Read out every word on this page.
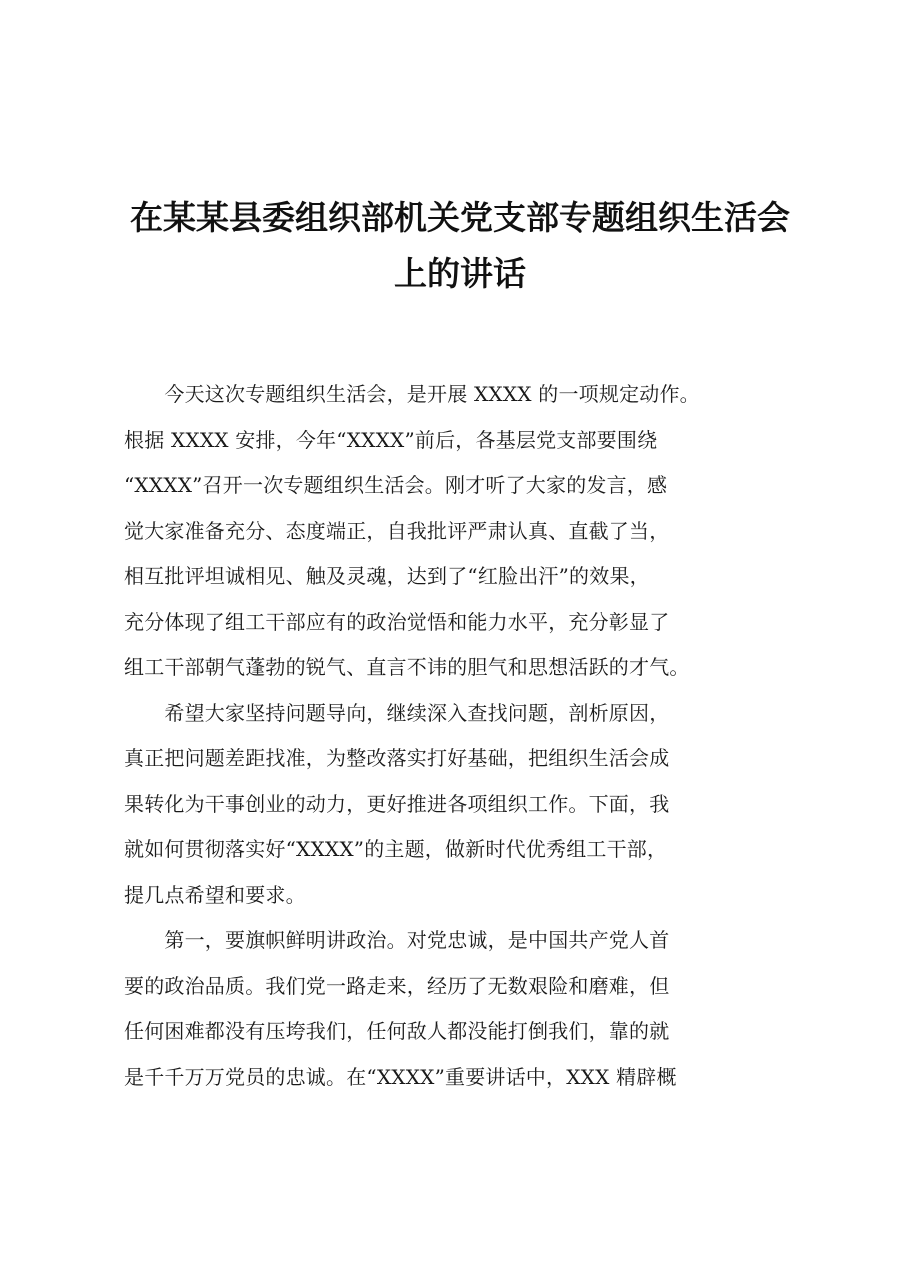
在某某县委组织部机关党支部专题组织生活会
上的讲话

　　今天这次专题组织生活会，是开展 XXXX 的一项规定动作。
根据 XXXX 安排，今年“XXXX”前后，各基层党支部要围绕
“XXXX”召开一次专题组织生活会。刚才听了大家的发言，感
觉大家准备充分、态度端正，自我批评严肃认真、直截了当，
相互批评坦诚相见、触及灵魂，达到了“红脸出汗”的效果，
充分体现了组工干部应有的政治觉悟和能力水平，充分彰显了
组工干部朝气蓬勃的锐气、直言不讳的胆气和思想活跃的才气。

　　希望大家坚持问题导向，继续深入查找问题，剖析原因，
真正把问题差距找准，为整改落实打好基础，把组织生活会成
果转化为干事创业的动力，更好推进各项组织工作。下面，我
就如何贯彻落实好“XXXX”的主题，做新时代优秀组工干部，
提几点希望和要求。

　　第一，要旗帜鲜明讲政治。对党忠诚，是中国共产党人首
要的政治品质。我们党一路走来，经历了无数艰险和磨难，但
任何困难都没有压垮我们，任何敌人都没能打倒我们，靠的就
是千千万万党员的忠诚。在“XXXX”重要讲话中，XXX 精辟概
